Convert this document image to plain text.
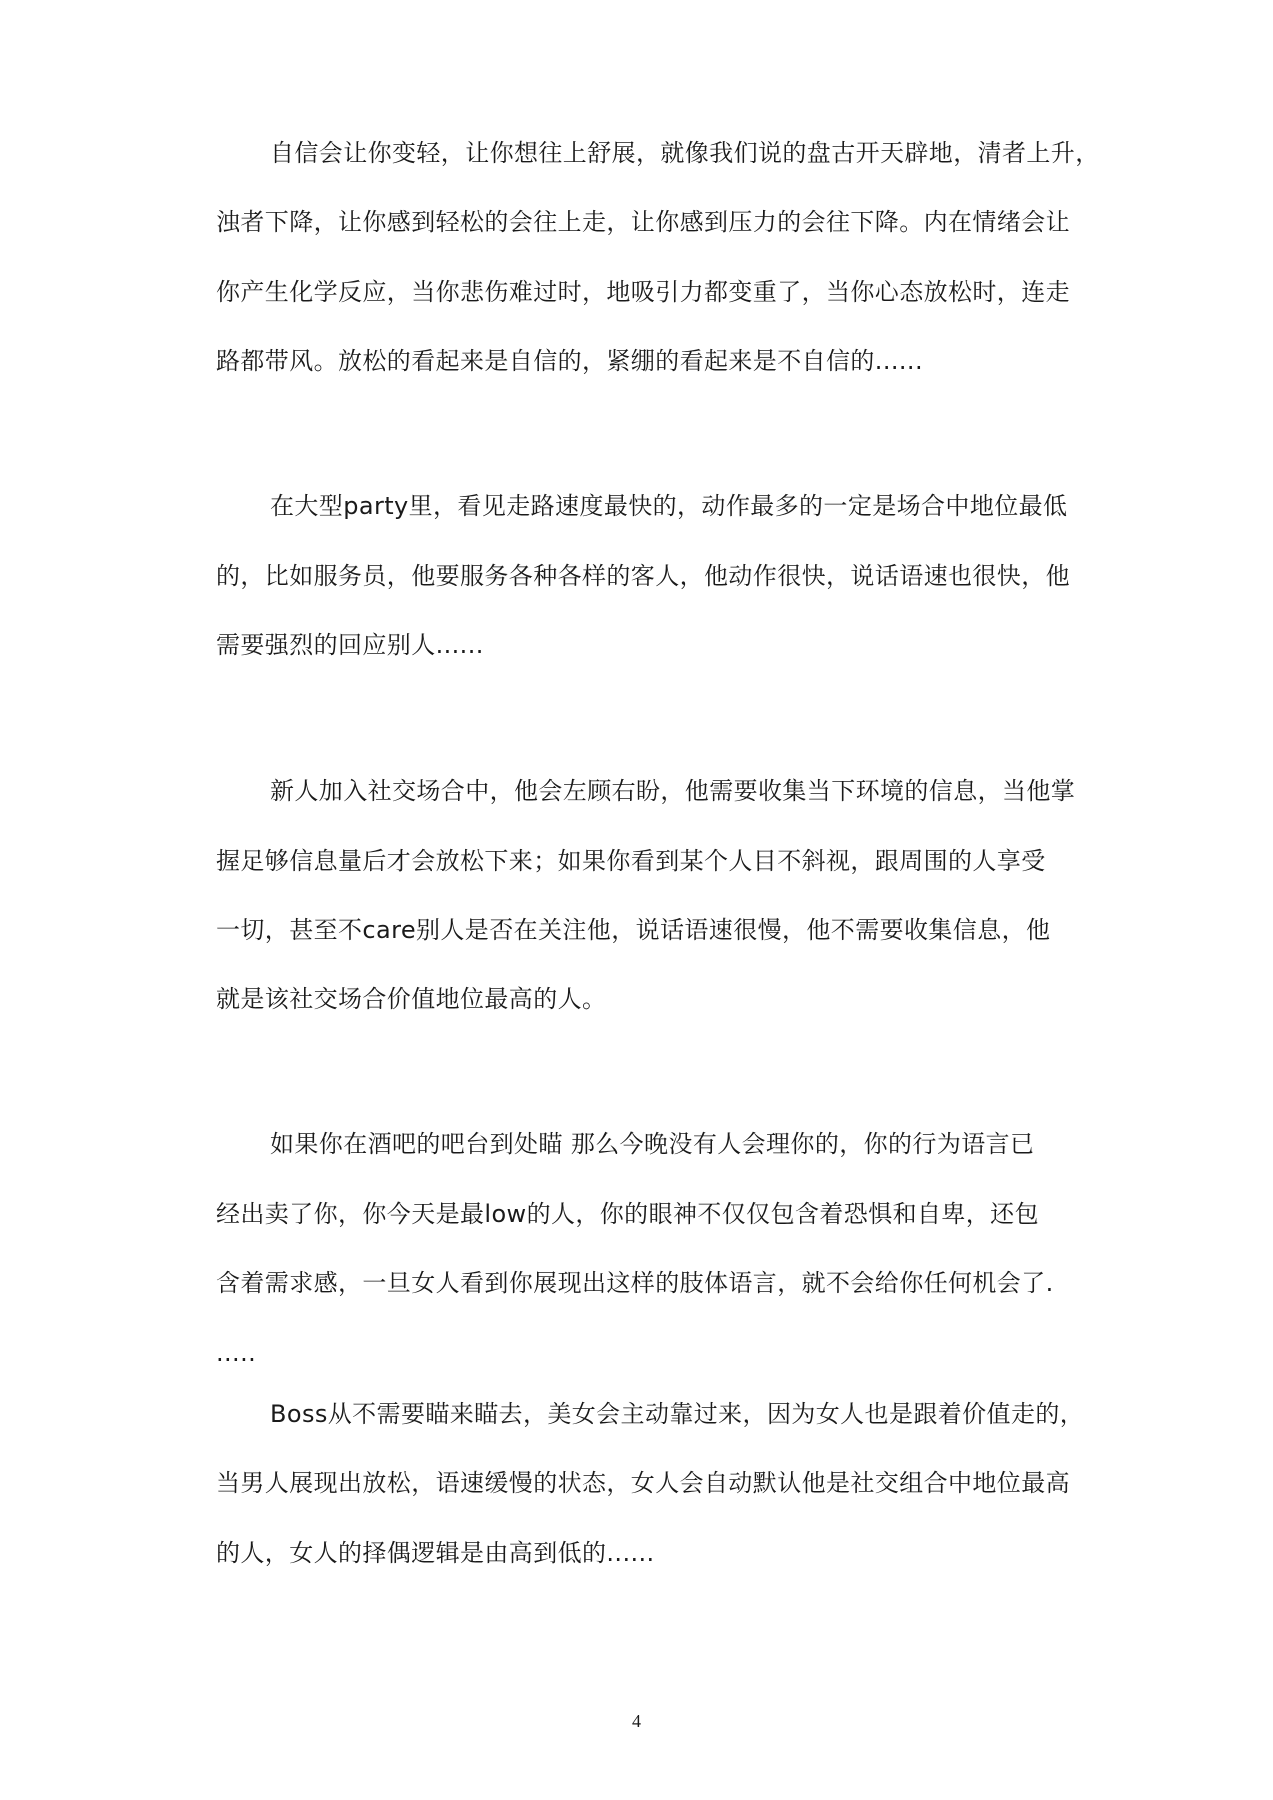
自信会让你变轻，让你想往上舒展，就像我们说的盘古开天辟地，清者上升，
浊者下降，让你感到轻松的会往上走，让你感到压力的会往下降。内在情绪会让
你产生化学反应，当你悲伤难过时，地吸引力都变重了，当你心态放松时，连走
路都带风。放松的看起来是自信的，紧绷的看起来是不自信的......
在大型party里，看见走路速度最快的，动作最多的一定是场合中地位最低
的，比如服务员，他要服务各种各样的客人，他动作很快，说话语速也很快，他
需要强烈的回应别人......
新人加入社交场合中，他会左顾右盼，他需要收集当下环境的信息，当他掌
握足够信息量后才会放松下来；如果你看到某个人目不斜视，跟周围的人享受
一切，甚至不care别人是否在关注他，说话语速很慢，他不需要收集信息，他
就是该社交场合价值地位最高的人。
如果你在酒吧的吧台到处瞄 那么今晚没有人会理你的，你的行为语言已
经出卖了你，你今天是最low的人，你的眼神不仅仅包含着恐惧和自卑，还包
含着需求感，一旦女人看到你展现出这样的肢体语言，就不会给你任何机会了.
.....
Boss从不需要瞄来瞄去，美女会主动靠过来，因为女人也是跟着价值走的，
当男人展现出放松，语速缓慢的状态，女人会自动默认他是社交组合中地位最高
的人，女人的择偶逻辑是由高到低的......
4
